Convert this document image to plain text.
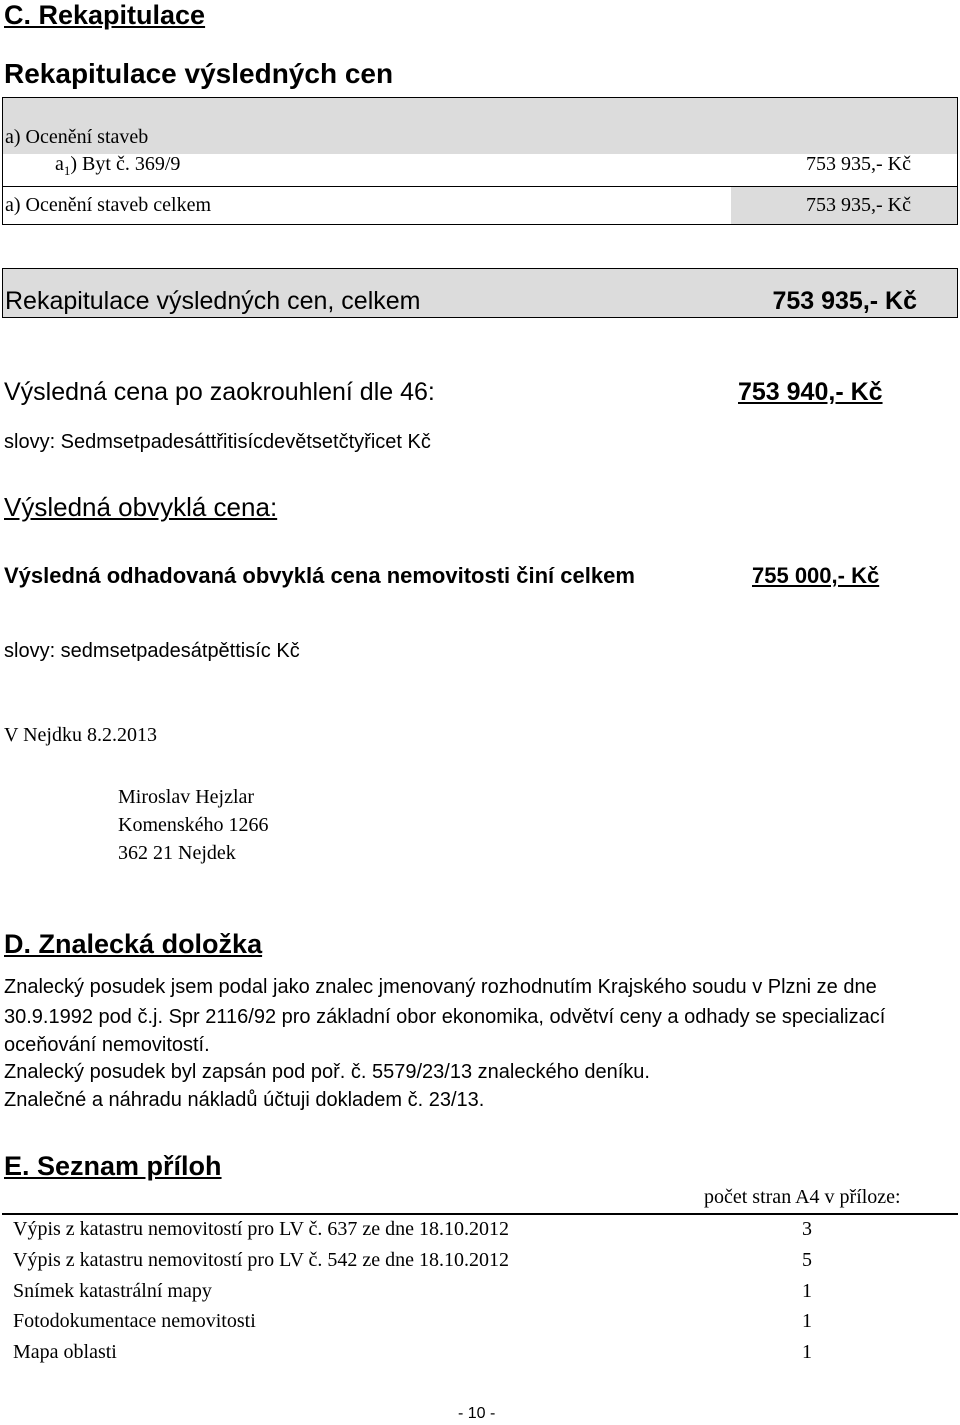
C. Rekapitulace
Rekapitulace výsledných cen
a) Ocenění staveb
$a_1$) Byt č. 369/9	753 935,- Kč
a) Ocenění staveb celkem	753 935,- Kč
Rekapitulace výsledných cen, celkem	753 935,- Kč
Výsledná cena po zaokrouhlení dle 46:	753 940,- Kč
slovy: Sedmsetpadesáttřitisícdevětsetčtyřicet Kč
Výsledná obvyklá cena:
Výsledná odhadovaná obvyklá cena nemovitosti činí celkem	755 000,- Kč
slovy: sedmsetpadesátpěttisíc Kč
V Nejdku 8.2.2013
Miroslav Hejzlar
Komenského 1266
362 21 Nejdek
D. Znalecká doložka
Znalecký posudek jsem podal jako znalec jmenovaný rozhodnutím Krajského soudu v Plzni ze dne
30.9.1992 pod č.j. Spr 2116/92 pro základní obor ekonomika, odvětví ceny a odhady se specializací
oceňování nemovitostí.
Znalecký posudek byl zapsán pod poř. č. 5579/23/13 znaleckého deníku.
Znalečné a náhradu nákladů účtuji dokladem č. 23/13.
E. Seznam příloh
počet stran A4 v příloze:
Výpis z katastru nemovitostí pro LV č. 637 ze dne 18.10.2012	3
Výpis z katastru nemovitostí pro LV č. 542 ze dne 18.10.2012	5
Snímek katastrální mapy	1
Fotodokumentace nemovitosti	1
Mapa oblasti	1
- 10 -
